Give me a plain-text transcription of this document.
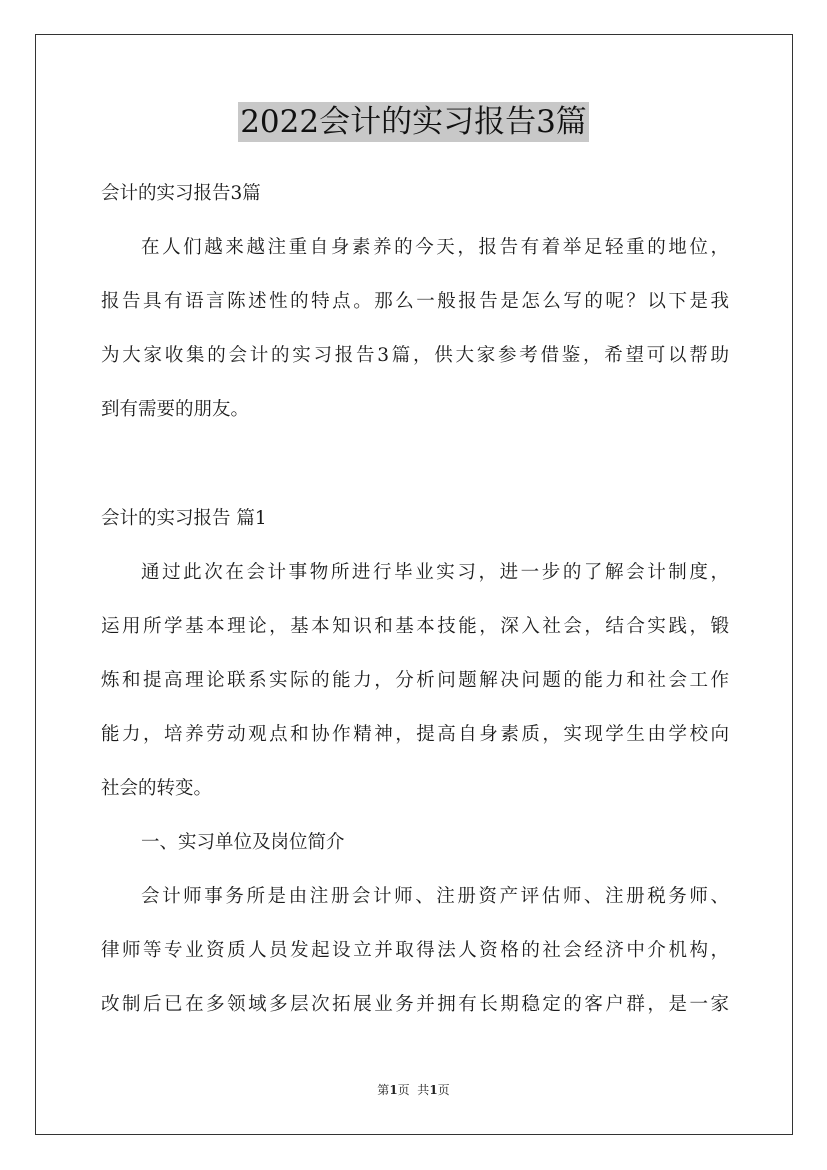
2022会计的实习报告3篇
会计的实习报告3篇
在人们越来越注重自身素养的今天，报告有着举足轻重的地位，
报告具有语言陈述性的特点。那么一般报告是怎么写的呢？以下是我
为大家收集的会计的实习报告3篇，供大家参考借鉴，希望可以帮助
到有需要的朋友。
会计的实习报告 篇1
通过此次在会计事物所进行毕业实习，进一步的了解会计制度，
运用所学基本理论，基本知识和基本技能，深入社会，结合实践，锻
炼和提高理论联系实际的能力，分析问题解决问题的能力和社会工作
能力，培养劳动观点和协作精神，提高自身素质，实现学生由学校向
社会的转变。
一、实习单位及岗位简介
会计师事务所是由注册会计师、注册资产评估师、注册税务师、
律师等专业资质人员发起设立并取得法人资格的社会经济中介机构，
改制后已在多领域多层次拓展业务并拥有长期稳定的客户群，是一家
第1页  共1页
